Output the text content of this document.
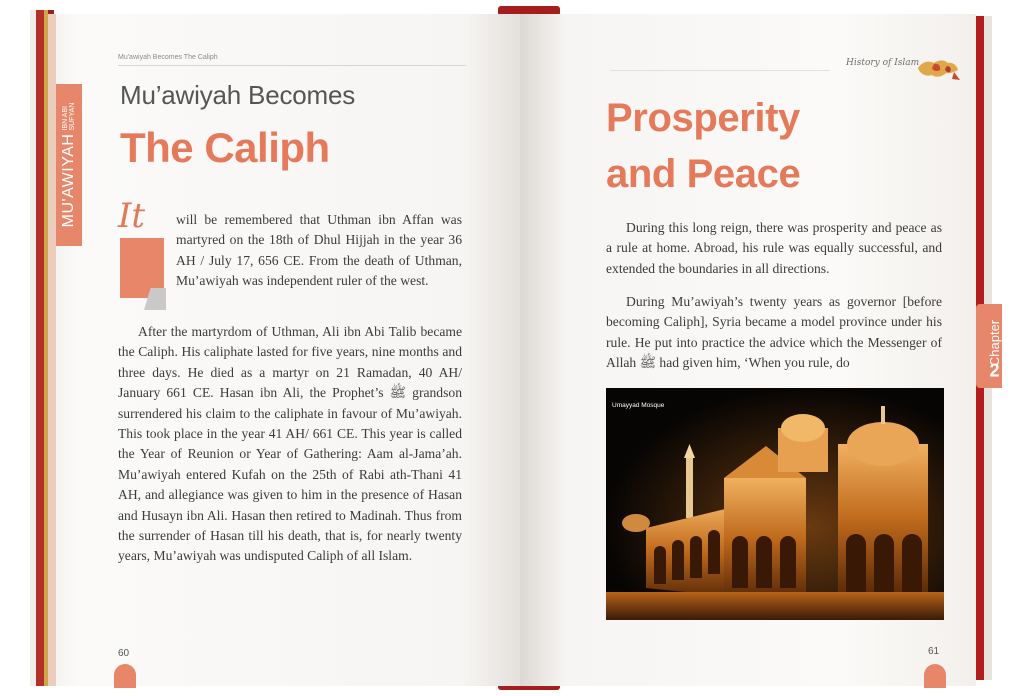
Mu'awiyah Becomes The Caliph
MU'AWIYAH
IBN ABI
SUFYAN
Mu’awiyah Becomes
The Caliph
It will be remembered that Uthman ibn Affan was martyred on the 18th of Dhul Hijjah in the year 36 AH / July 17, 656 CE. From the death of Uthman, Mu’awiyah was independent ruler of the west.

After the martyrdom of Uthman, Ali ibn Abi Talib became the Caliph. His caliphate lasted for five years, nine months and three days. He died as a martyr on 21 Ramadan, 40 AH/ January 661 CE. Hasan ibn Ali, the Prophet’s ﷺ grandson surrendered his claim to the caliphate in favour of Mu’awiyah. This took place in the year 41 AH/ 661 CE. This year is called the Year of Reunion or Year of Gathering: Aam al-Jama’ah. Mu’awiyah entered Kufah on the 25th of Rabi ath-Thani 41 AH, and allegiance was given to him in the presence of Hasan and Husayn ibn Ali. Hasan then retired to Madinah. Thus from the surrender of Hasan till his death, that is, for nearly twenty years, Mu’awiyah was undisputed Caliph of all Islam.

60
History of Islam
Prosperity
and Peace

During this long reign, there was prosperity and peace as a rule at home. Abroad, his rule was equally successful, and extended the boundaries in all directions.

During Mu’awiyah’s twenty years as governor [before becoming Caliph], Syria became a model province under his rule. He put into practice the advice which the Messenger of Allah ﷺ had given him, ‘When you rule, do	2
Chapter
Umayyad Mosque
61
